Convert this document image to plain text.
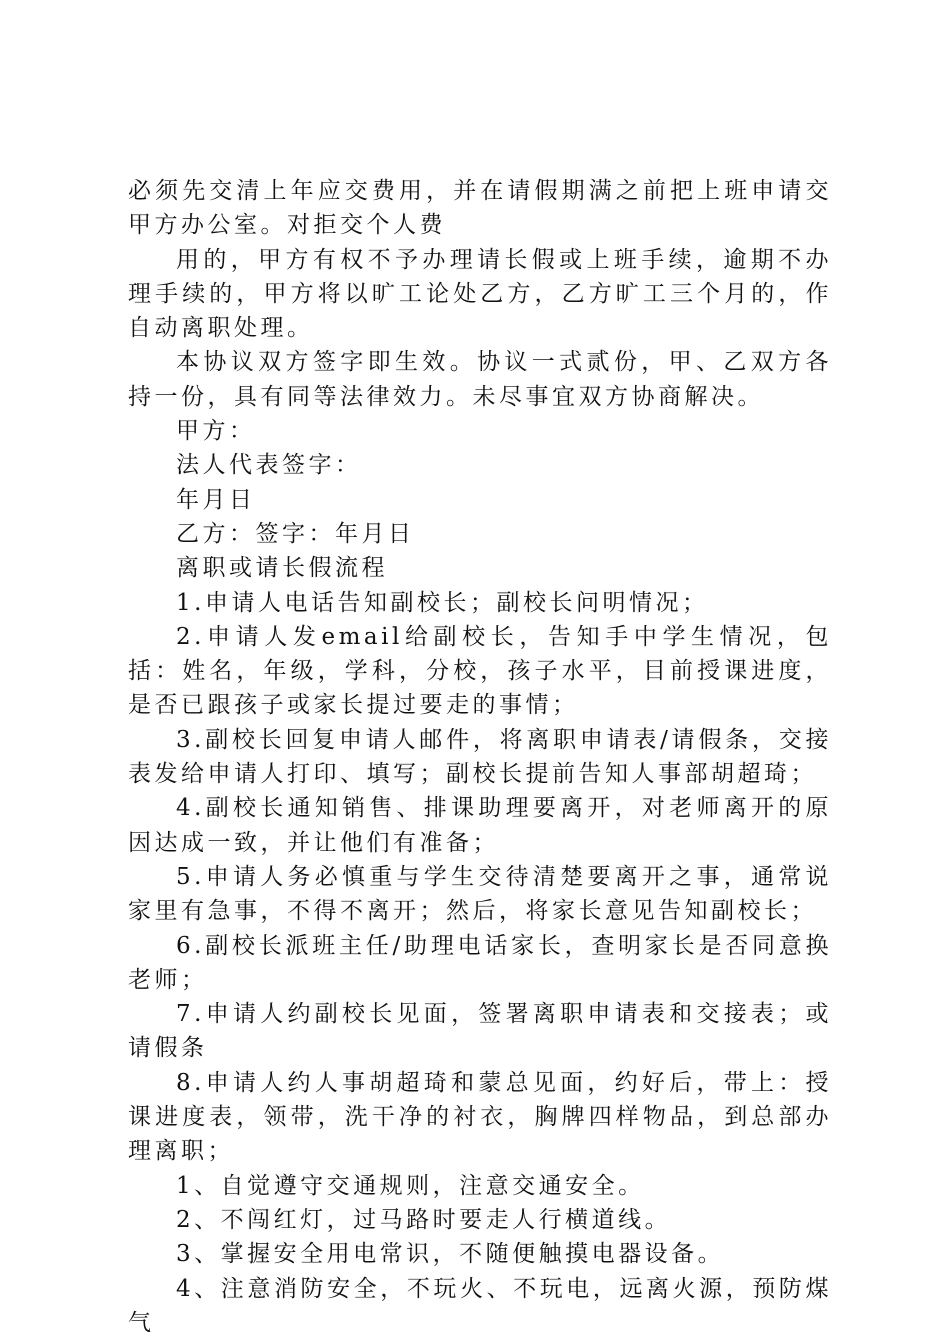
必须先交清上年应交费用，并在请假期满之前把上班申请交甲方办公室。对拒交个人费

用的，甲方有权不予办理请长假或上班手续，逾期不办理手续的，甲方将以旷工论处乙方，乙方旷工三个月的，作自动离职处理。

本协议双方签字即生效。协议一式贰份，甲、乙双方各持一份，具有同等法律效力。未尽事宜双方协商解决。

甲方：

法人代表签字：

年月日

乙方：签字：年月日

离职或请长假流程

1.申请人电话告知副校长；副校长问明情况；

2.申请人发email给副校长，告知手中学生情况，包括：姓名，年级，学科，分校，孩子水平，目前授课进度，是否已跟孩子或家长提过要走的事情；

3.副校长回复申请人邮件，将离职申请表/请假条，交接表发给申请人打印、填写；副校长提前告知人事部胡超琦；

4.副校长通知销售、排课助理要离开，对老师离开的原因达成一致，并让他们有准备；

5.申请人务必慎重与学生交待清楚要离开之事，通常说家里有急事，不得不离开；然后，将家长意见告知副校长；

6.副校长派班主任/助理电话家长，查明家长是否同意换老师；

7.申请人约副校长见面，签署离职申请表和交接表；或请假条

8.申请人约人事胡超琦和蒙总见面，约好后，带上：授课进度表，领带，洗干净的衬衣，胸牌四样物品，到总部办理离职；

1、自觉遵守交通规则，注意交通安全。

2、不闯红灯，过马路时要走人行横道线。

3、掌握安全用电常识，不随便触摸电器设备。

4、注意消防安全，不玩火、不玩电，远离火源，预防煤气
